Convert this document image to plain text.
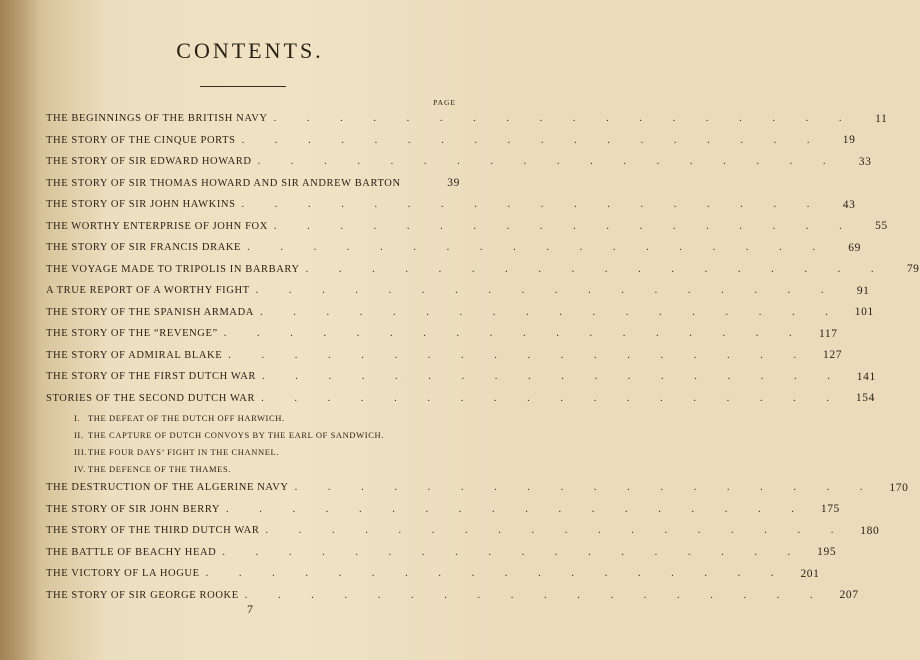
CONTENTS.
PAGE
THE BEGINNINGS OF THE BRITISH NAVY . . . . . . . . . . . . . . . . . .	11
THE STORY OF THE CINQUE PORTS . . . . . . . . . . . . . . . . . .	19
THE STORY OF SIR EDWARD HOWARD . . . . . . . . . . . . . . . . . .	33
THE STORY OF SIR THOMAS HOWARD AND SIR ANDREW BARTON	39
THE STORY OF SIR JOHN HAWKINS . . . . . . . . . . . . . . . . . .	43
THE WORTHY ENTERPRISE OF JOHN FOX . . . . . . . . . . . . . . . . . .	55
THE STORY OF SIR FRANCIS DRAKE . . . . . . . . . . . . . . . . . .	69
THE VOYAGE MADE TO TRIPOLIS IN BARBARY . . . . . . . . . . . . . . . . . .	79
A TRUE REPORT OF A WORTHY FIGHT . . . . . . . . . . . . . . . . . .	91
THE STORY OF THE SPANISH ARMADA . . . . . . . . . . . . . . . . . .	101
THE STORY OF THE “REVENGE” . . . . . . . . . . . . . . . . . .	117
THE STORY OF ADMIRAL BLAKE . . . . . . . . . . . . . . . . . .	127
THE STORY OF THE FIRST DUTCH WAR . . . . . . . . . . . . . . . . . .	141
STORIES OF THE SECOND DUTCH WAR . . . . . . . . . . . . . . . . . .	154
I. THE DEFEAT OF THE DUTCH OFF HARWICH.
II. THE CAPTURE OF DUTCH CONVOYS BY THE EARL OF SANDWICH.
III. THE FOUR DAYS’ FIGHT IN THE CHANNEL.
IV. THE DEFENCE OF THE THAMES.
THE DESTRUCTION OF THE ALGERINE NAVY . . . . . . . . . . . . . . . . . .	170
THE STORY OF SIR JOHN BERRY . . . . . . . . . . . . . . . . . .	175
THE STORY OF THE THIRD DUTCH WAR . . . . . . . . . . . . . . . . . .	180
THE BATTLE OF BEACHY HEAD . . . . . . . . . . . . . . . . . .	195
THE VICTORY OF LA HOGUE . . . . . . . . . . . . . . . . . .	201
THE STORY OF SIR GEORGE ROOKE . . . . . . . . . . . . . . . . . .	207
7
